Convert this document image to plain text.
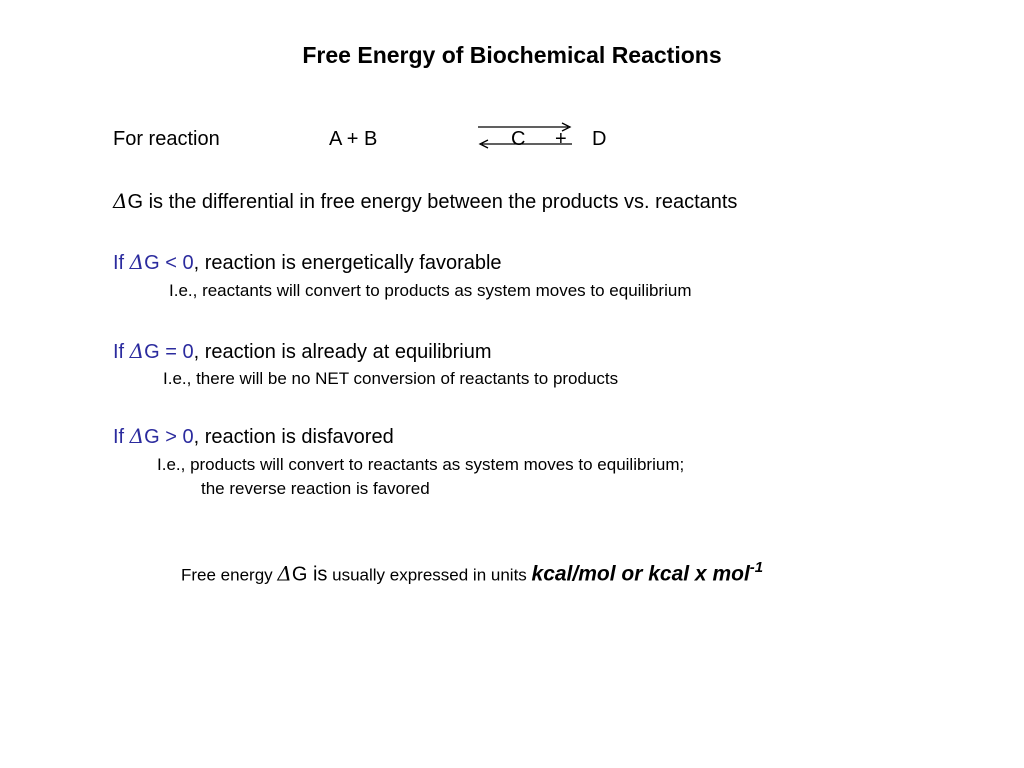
Free Energy of Biochemical Reactions
For reaction	A + B	C + D
ΔG is the differential in free energy between the products vs. reactants
If ΔG < 0, reaction is energetically favorable
I.e., reactants will convert to products as system moves to equilibrium
If ΔG = 0, reaction is already at equilibrium
I.e., there will be no NET conversion of reactants to products
If ΔG > 0, reaction is disfavored
I.e., products will convert to reactants as system moves to equilibrium;
the reverse reaction is favored
Free energy ΔG is usually expressed in units kcal/mol or kcal x mol$^{-1}$
